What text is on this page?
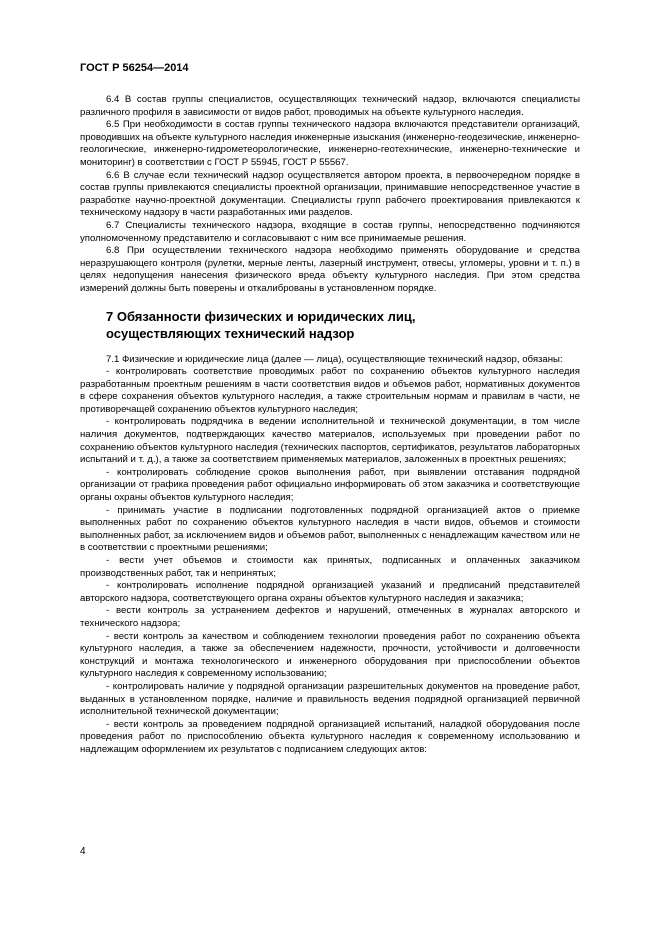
ГОСТ Р 56254—2014

6.4 В состав группы специалистов, осуществляющих технический надзор, включаются специалисты различного профиля в зависимости от видов работ, проводимых на объекте культурного наследия.

6.5 При необходимости в состав группы технического надзора включаются представители организаций, проводивших на объекте культурного наследия инженерные изыскания (инженерно-геодезические, инженерно-геологические, инженерно-гидрометеорологические, инженерно-геотехнические, инженерно-технические и мониторинг) в соответствии с ГОСТ Р 55945, ГОСТ Р 55567.

6.6 В случае если технический надзор осуществляется автором проекта, в первоочередном порядке в состав группы привлекаются специалисты проектной организации, принимавшие непосредственное участие в разработке научно-проектной документации. Специалисты групп рабочего проектирования привлекаются к техническому надзору в части разработанных ими разделов.

6.7 Специалисты технического надзора, входящие в состав группы, непосредственно подчиняются уполномоченному представителю и согласовывают с ним все принимаемые решения.

6.8 При осуществлении технического надзора необходимо применять оборудование и средства неразрушающего контроля (рулетки, мерные ленты, лазерный инструмент, отвесы, угломеры, уровни и т. п.) в целях недопущения нанесения физического вреда объекту культурного наследия. При этом средства измерений должны быть поверены и откалиброваны в установленном порядке.

7 Обязанности физических и юридических лиц,
осуществляющих технический надзор

7.1 Физические и юридические лица (далее — лица), осуществляющие технический надзор, обязаны:

- контролировать соответствие проводимых работ по сохранению объектов культурного наследия разработанным проектным решениям в части соответствия видов и объемов работ, нормативных документов в сфере сохранения объектов культурного наследия, а также строительным нормам и правилам в части, не противоречащей сохранению объектов культурного наследия;

- контролировать подрядчика в ведении исполнительной и технической документации, в том числе наличия документов, подтверждающих качество материалов, используемых при проведении работ по сохранению объектов культурного наследия (технических паспортов, сертификатов, результатов лабораторных испытаний и т. д.), а также за соответствием применяемых материалов, заложенных в проектных решениях;

- контролировать соблюдение сроков выполнения работ, при выявлении отставания подрядной организации от графика проведения работ официально информировать об этом заказчика и соответствующие органы охраны объектов культурного наследия;

- принимать участие в подписании подготовленных подрядной организацией актов о приемке выполненных работ по сохранению объектов культурного наследия в части видов, объемов и стоимости выполненных работ, за исключением видов и объемов работ, выполненных с ненадлежащим качеством или не в соответствии с проектными решениями;

- вести учет объемов и стоимости как принятых, подписанных и оплаченных заказчиком производственных работ, так и непринятых;

- контролировать исполнение подрядной организацией указаний и предписаний представителей авторского надзора, соответствующего органа охраны объектов культурного наследия и заказчика;

- вести контроль за устранением дефектов и нарушений, отмеченных в журналах авторского и технического надзора;

- вести контроль за качеством и соблюдением технологии проведения работ по сохранению объекта культурного наследия, а также за обеспечением надежности, прочности, устойчивости и долговечности конструкций и монтажа технологического и инженерного оборудования при приспособлении объектов культурного наследия к современному использованию;

- контролировать наличие у подрядной организации разрешительных документов на проведение работ, выданных в установленном порядке, наличие и правильность ведения подрядной организацией первичной исполнительной технической документации;

- вести контроль за проведением подрядной организацией испытаний, наладкой оборудования после проведения работ по приспособлению объекта культурного наследия к современному использованию и надлежащим оформлением их результатов с подписанием следующих актов:

4
